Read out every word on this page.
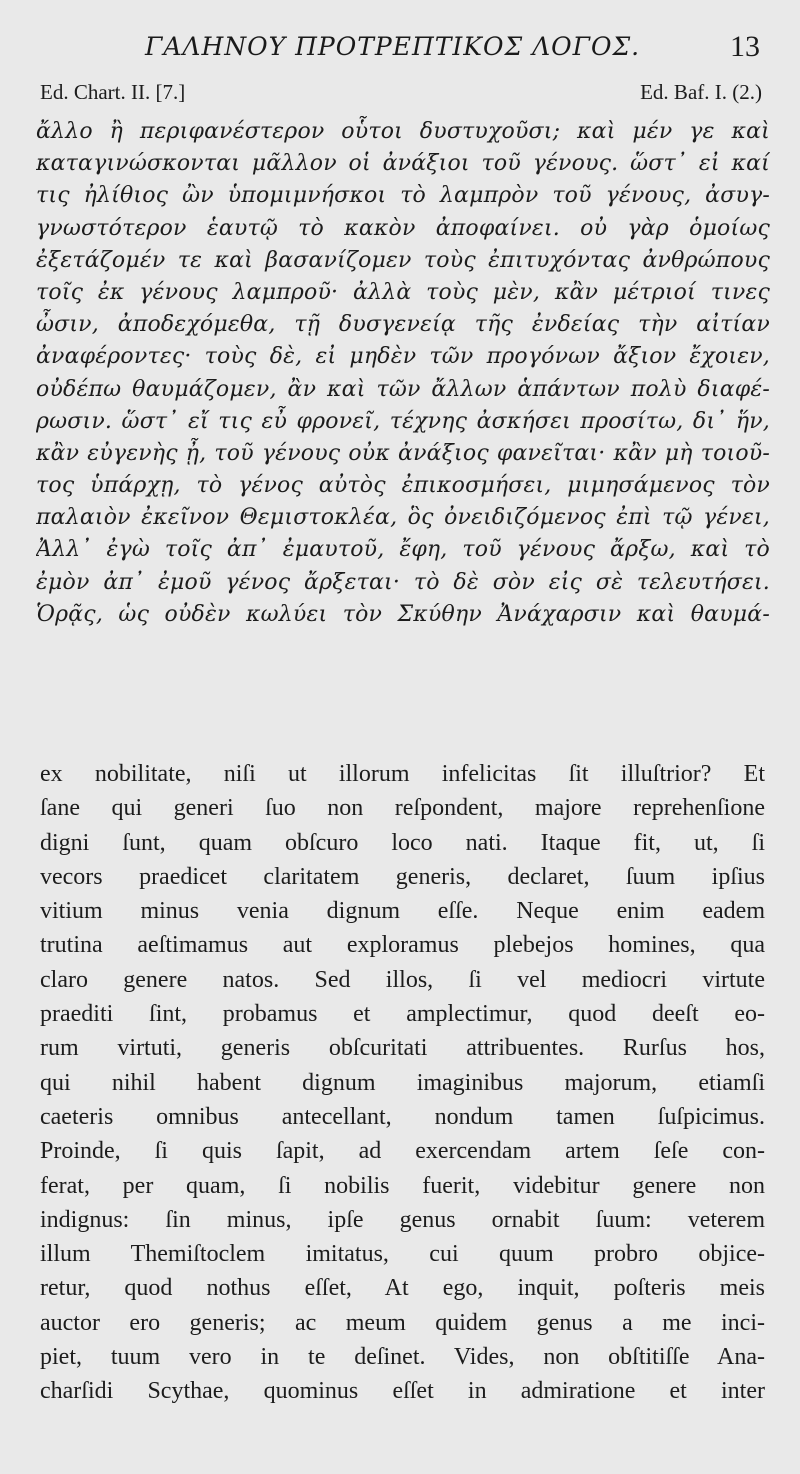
ΓΑΛΗΝΟΥ ΠΡΟΤΡΕΠΤΙΚΟΣ ΛΟΓΟΣ.	13
Ed. Chart. II. [7.]	Ed. Baf. I. (2.)
ἄλλο ἢ περιφανέστερον οὗτοι δυστυχοῦσι; καὶ μέν γε καὶ
καταγινώσκονται μᾶλλον οἱ ἀνάξιοι τοῦ γένους. ὥστ᾽ εἰ καί
τις ἠλίθιος ὢν ὑπομιμνήσκοι τὸ λαμπρὸν τοῦ γένους, ἀσυγ-
γνωστότερον ἑαυτῷ τὸ κακὸν ἀποφαίνει. οὐ γὰρ ὁμοίως
ἐξετάζομέν τε καὶ βασανίζομεν τοὺς ἐπιτυχόντας ἀνθρώπους
τοῖς ἐκ γένους λαμπροῦ· ἀλλὰ τοὺς μὲν, κἂν μέτριοί τινες
ὦσιν, ἀποδεχόμεθα, τῇ δυσγενείᾳ τῆς ἐνδείας τὴν αἰτίαν
ἀναφέροντες· τοὺς δὲ, εἰ μηδὲν τῶν προγόνων ἄξιον ἔχοιεν,
οὐδέπω θαυμάζομεν, ἂν καὶ τῶν ἄλλων ἁπάντων πολὺ διαφέ-
ρωσιν. ὥστ᾽ εἴ τις εὖ φρονεῖ, τέχνης ἀσκήσει προσίτω, δι᾽ ἥν,
κἂν εὐγενὴς ᾖ, τοῦ γένους οὐκ ἀνάξιος φανεῖται· κἂν μὴ τοιοῦ-
τος ὑπάρχῃ, τὸ γένος αὐτὸς ἐπικοσμήσει, μιμησάμενος τὸν
παλαιὸν ἐκεῖνον Θεμιστοκλέα, ὃς ὀνειδιζόμενος ἐπὶ τῷ γένει,
Ἀλλ᾽ ἐγὼ τοῖς ἀπ᾽ ἐμαυτοῦ, ἔφη, τοῦ γένους ἄρξω, καὶ τὸ
ἐμὸν ἀπ᾽ ἐμοῦ γένος ἄρξεται· τὸ δὲ σὸν εἰς σὲ τελευτήσει.
Ὁρᾷς, ὡς οὐδὲν κωλύει τὸν Σκύθην Ἀνάχαρσιν καὶ θαυμά-
ex nobilitate, niſi ut illorum infelicitas ſit illuſtrior? Et
ſane qui generi ſuo non reſpondent, majore reprehenſione
digni ſunt, quam obſcuro loco nati. Itaque fit, ut, ſi
vecors praedicet claritatem generis, declaret, ſuum ipſius
vitium minus venia dignum eſſe. Neque enim eadem
trutina aeſtimamus aut exploramus plebejos homines, qua
claro genere natos. Sed illos, ſi vel mediocri virtute
praediti ſint, probamus et amplectimur, quod deeſt eo-
rum virtuti, generis obſcuritati attribuentes. Rurſus hos,
qui nihil habent dignum imaginibus majorum, etiamſi
caeteris omnibus antecellant, nondum tamen ſuſpicimus.
Proinde, ſi quis ſapit, ad exercendam artem ſeſe con-
ferat, per quam, ſi nobilis fuerit, videbitur genere non
indignus: ſin minus, ipſe genus ornabit ſuum: veterem
illum Themiſtoclem imitatus, cui quum probro objice-
retur, quod nothus eſſet, At ego, inquit, poſteris meis
auctor ero generis; ac meum quidem genus a me inci-
piet, tuum vero in te deſinet. Vides, non obſtitiſſe Ana-
charſidi Scythae, quominus eſſet in admiratione et inter
